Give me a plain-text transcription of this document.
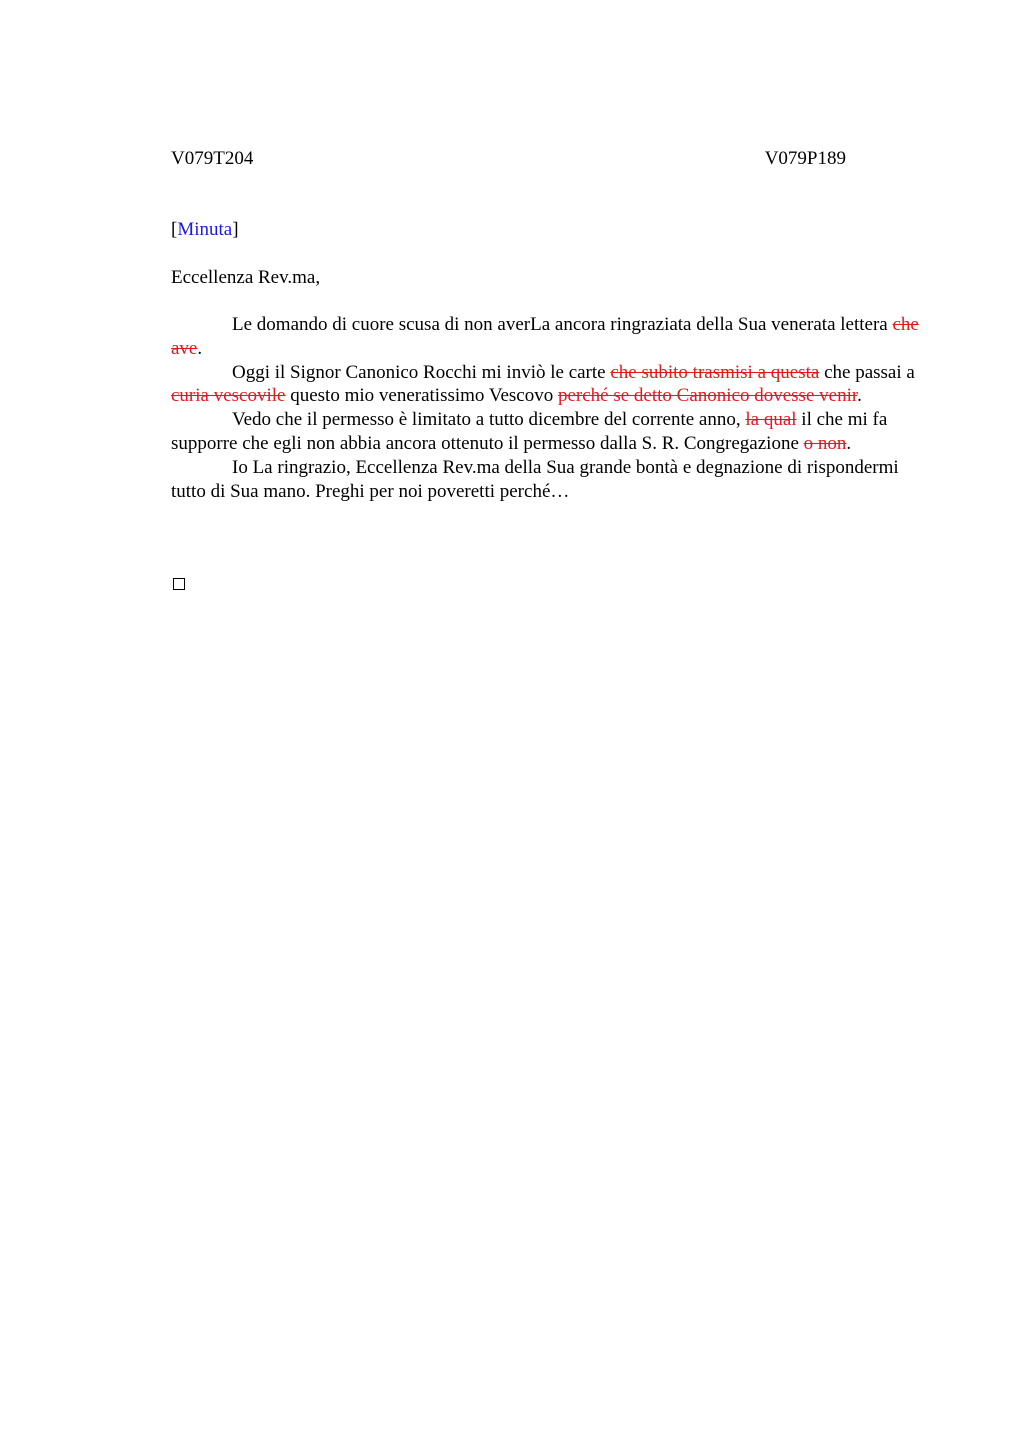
V079T204	V079P189
[Minuta]
Eccellenza Rev.ma,

Le domando di cuore scusa di non averLa ancora ringraziata della Sua venerata lettera che ave.

Oggi il Signor Canonico Rocchi mi inviò le carte che subito trasmisi a questa che passai a curia vescovile questo mio veneratissimo Vescovo perché se detto Canonico dovesse venir.

Vedo che il permesso è limitato a tutto dicembre del corrente anno, la qual il che mi fa supporre che egli non abbia ancora ottenuto il permesso dalla S. R. Congregazione o non.

Io La ringrazio, Eccellenza Rev.ma della Sua grande bontà e degnazione di rispondermi tutto di Sua mano. Preghi per noi poveretti perché…
